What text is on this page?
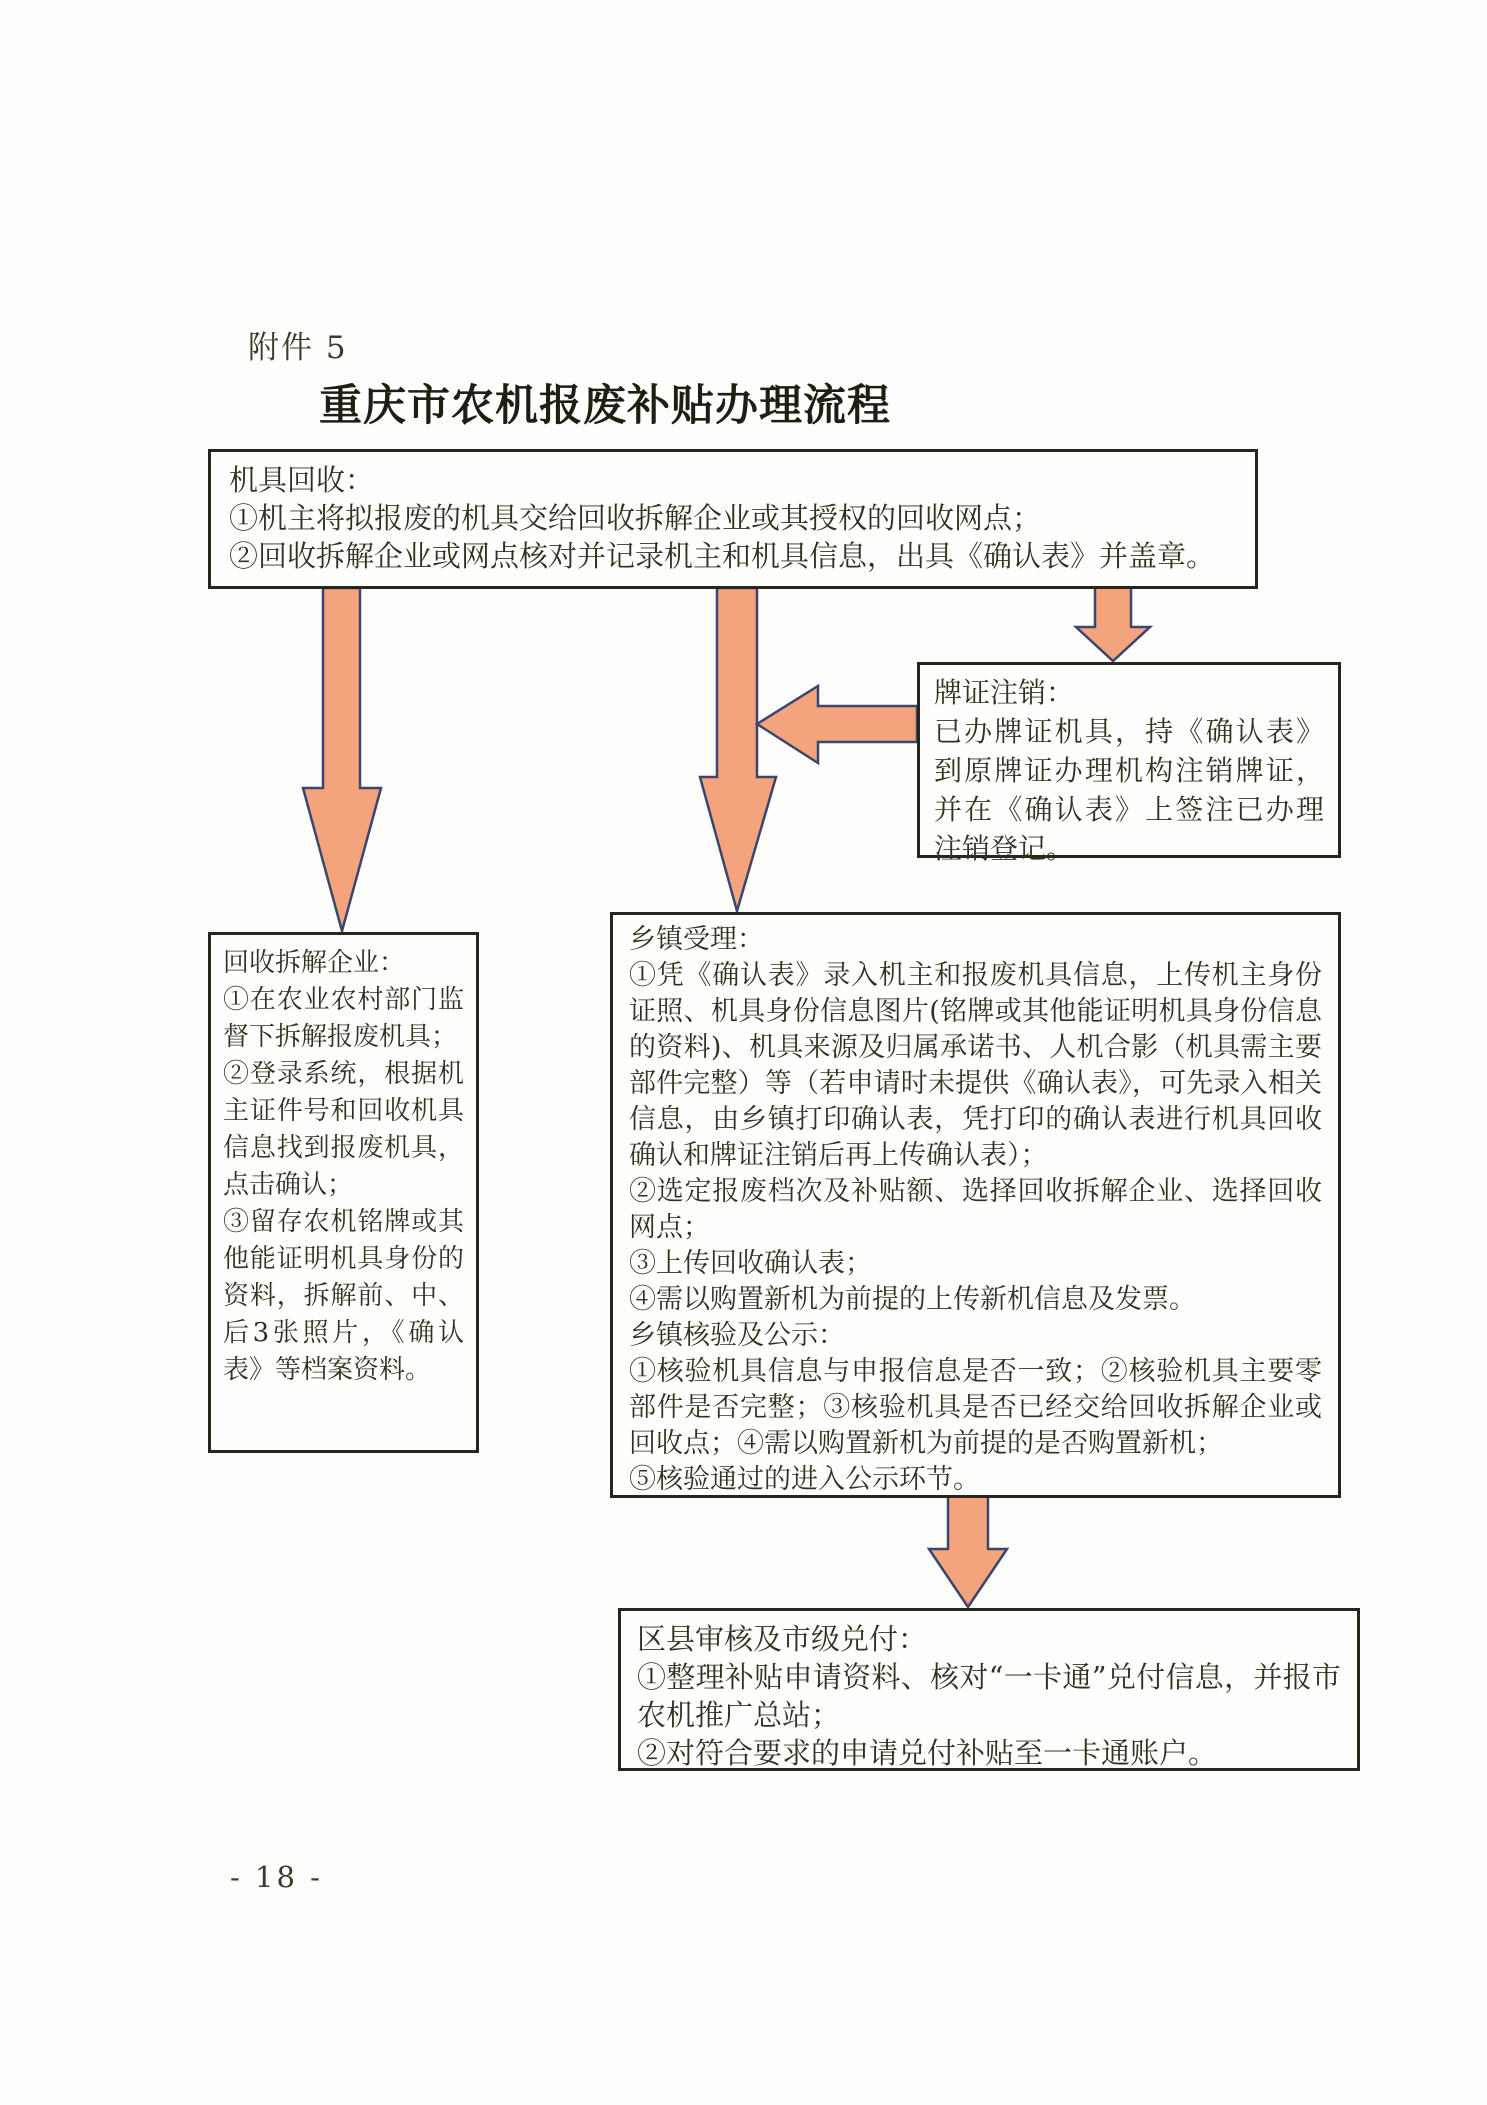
附件 5
重庆市农机报废补贴办理流程

机具回收：

①机主将拟报废的机具交给回收拆解企业或其授权的回收网点；

②回收拆解企业或网点核对并记录机主和机具信息，出具《确认表》并盖章。

牌证注销：

已办牌证机具，持《确认表》到原牌证办理机构注销牌证，并在《确认表》上签注已办理注销登记。

回收拆解企业：

①在农业农村部门监督下拆解报废机具；

②登录系统，根据机主证件号和回收机具信息找到报废机具，点击确认；

③留存农机铭牌或其他能证明机具身份的资料，拆解前、中、后3张照片，《确认表》等档案资料。

乡镇受理：

①凭《确认表》录入机主和报废机具信息，上传机主身份证照、机具身份信息图片(铭牌或其他能证明机具身份信息的资料)、机具来源及归属承诺书、人机合影（机具需主要部件完整）等（若申请时未提供《确认表》，可先录入相关信息，由乡镇打印确认表，凭打印的确认表进行机具回收确认和牌证注销后再上传确认表）；

②选定报废档次及补贴额、选择回收拆解企业、选择回收网点；

③上传回收确认表；

④需以购置新机为前提的上传新机信息及发票。

乡镇核验及公示：

①核验机具信息与申报信息是否一致；②核验机具主要零部件是否完整；③核验机具是否已经交给回收拆解企业或回收点；④需以购置新机为前提的是否购置新机；

⑤核验通过的进入公示环节。

区县审核及市级兑付：

①整理补贴申请资料、核对“一卡通”兑付信息，并报市农机推广总站；

②对符合要求的申请兑付补贴至一卡通账户。

- 18 -
